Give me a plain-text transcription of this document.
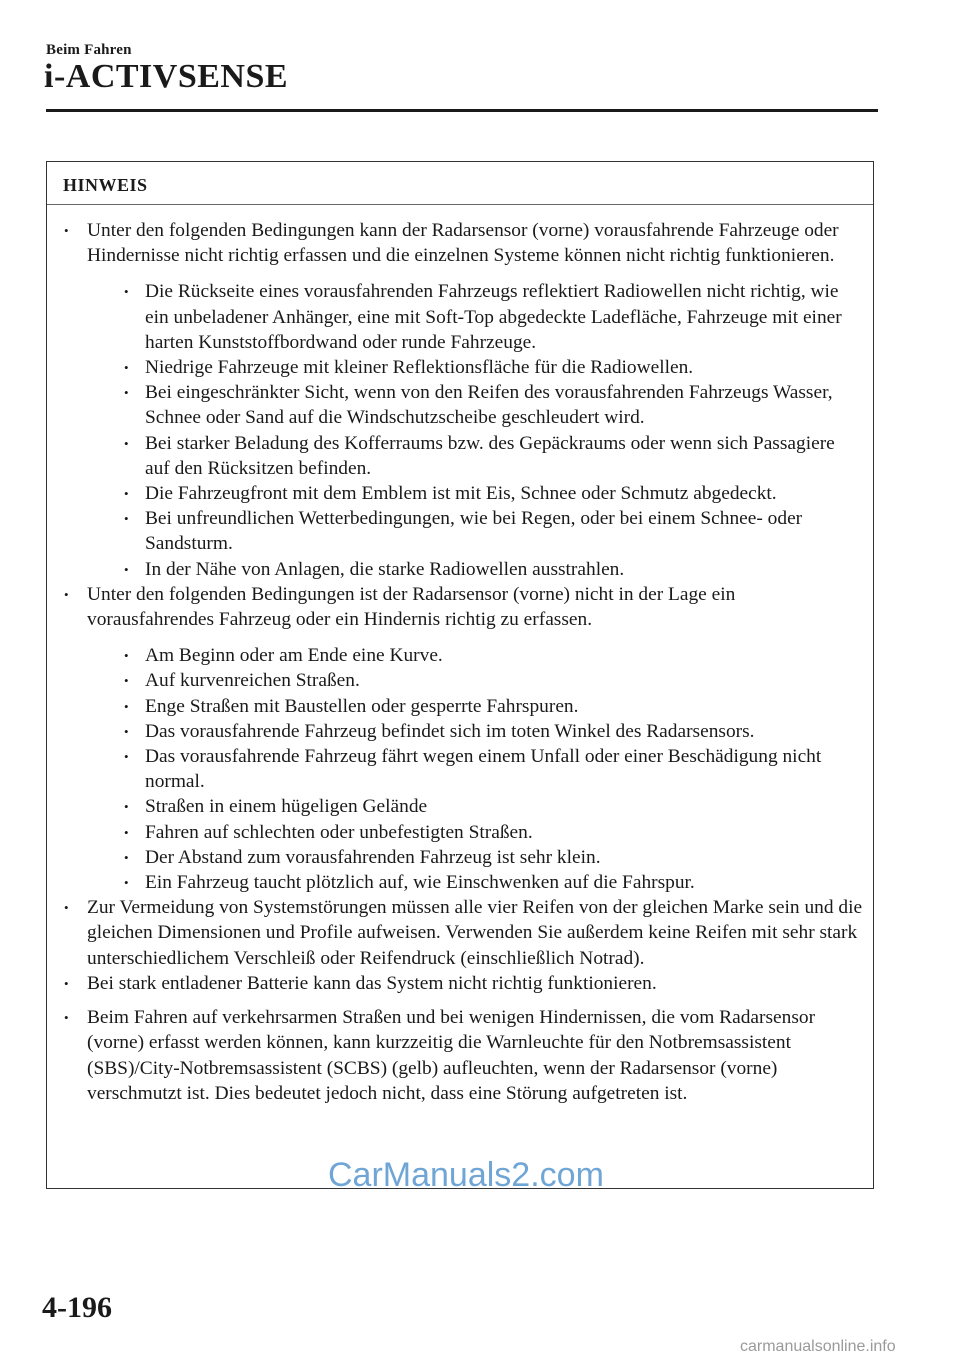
Beim Fahren
i-ACTIVSENSE
HINWEIS
• Unter den folgenden Bedingungen kann der Radarsensor (vorne) vorausfahrende Fahrzeuge oder Hindernisse nicht richtig erfassen und die einzelnen Systeme können nicht richtig funktionieren.
• Die Rückseite eines vorausfahrenden Fahrzeugs reflektiert Radiowellen nicht richtig, wie ein unbeladener Anhänger, eine mit Soft-Top abgedeckte Ladefläche, Fahrzeuge mit einer harten Kunststoffbordwand oder runde Fahrzeuge.
• Niedrige Fahrzeuge mit kleiner Reflektionsfläche für die Radiowellen.
• Bei eingeschränkter Sicht, wenn von den Reifen des vorausfahrenden Fahrzeugs Wasser, Schnee oder Sand auf die Windschutzscheibe geschleudert wird.
• Bei starker Beladung des Kofferraums bzw. des Gepäckraums oder wenn sich Passagiere auf den Rücksitzen befinden.
• Die Fahrzeugfront mit dem Emblem ist mit Eis, Schnee oder Schmutz abgedeckt.
• Bei unfreundlichen Wetterbedingungen, wie bei Regen, oder bei einem Schnee- oder Sandsturm.
• In der Nähe von Anlagen, die starke Radiowellen ausstrahlen.
• Unter den folgenden Bedingungen ist der Radarsensor (vorne) nicht in der Lage ein vorausfahrendes Fahrzeug oder ein Hindernis richtig zu erfassen.
• Am Beginn oder am Ende eine Kurve.
• Auf kurvenreichen Straßen.
• Enge Straßen mit Baustellen oder gesperrte Fahrspuren.
• Das vorausfahrende Fahrzeug befindet sich im toten Winkel des Radarsensors.
• Das vorausfahrende Fahrzeug fährt wegen einem Unfall oder einer Beschädigung nicht normal.
• Straßen in einem hügeligen Gelände
• Fahren auf schlechten oder unbefestigten Straßen.
• Der Abstand zum vorausfahrenden Fahrzeug ist sehr klein.
• Ein Fahrzeug taucht plötzlich auf, wie Einschwenken auf die Fahrspur.
• Zur Vermeidung von Systemstörungen müssen alle vier Reifen von der gleichen Marke sein und die gleichen Dimensionen und Profile aufweisen. Verwenden Sie außerdem keine Reifen mit sehr stark unterschiedlichem Verschleiß oder Reifendruck (einschließlich Notrad).
• Bei stark entladener Batterie kann das System nicht richtig funktionieren.
• Beim Fahren auf verkehrsarmen Straßen und bei wenigen Hindernissen, die vom Radarsensor (vorne) erfasst werden können, kann kurzzeitig die Warnleuchte für den Notbremsassistent (SBS)/City-Notbremsassistent (SCBS) (gelb) aufleuchten, wenn der Radarsensor (vorne) verschmutzt ist. Dies bedeutet jedoch nicht, dass eine Störung aufgetreten ist.
CarManuals2.com
4-196
carmanualsonline.info
